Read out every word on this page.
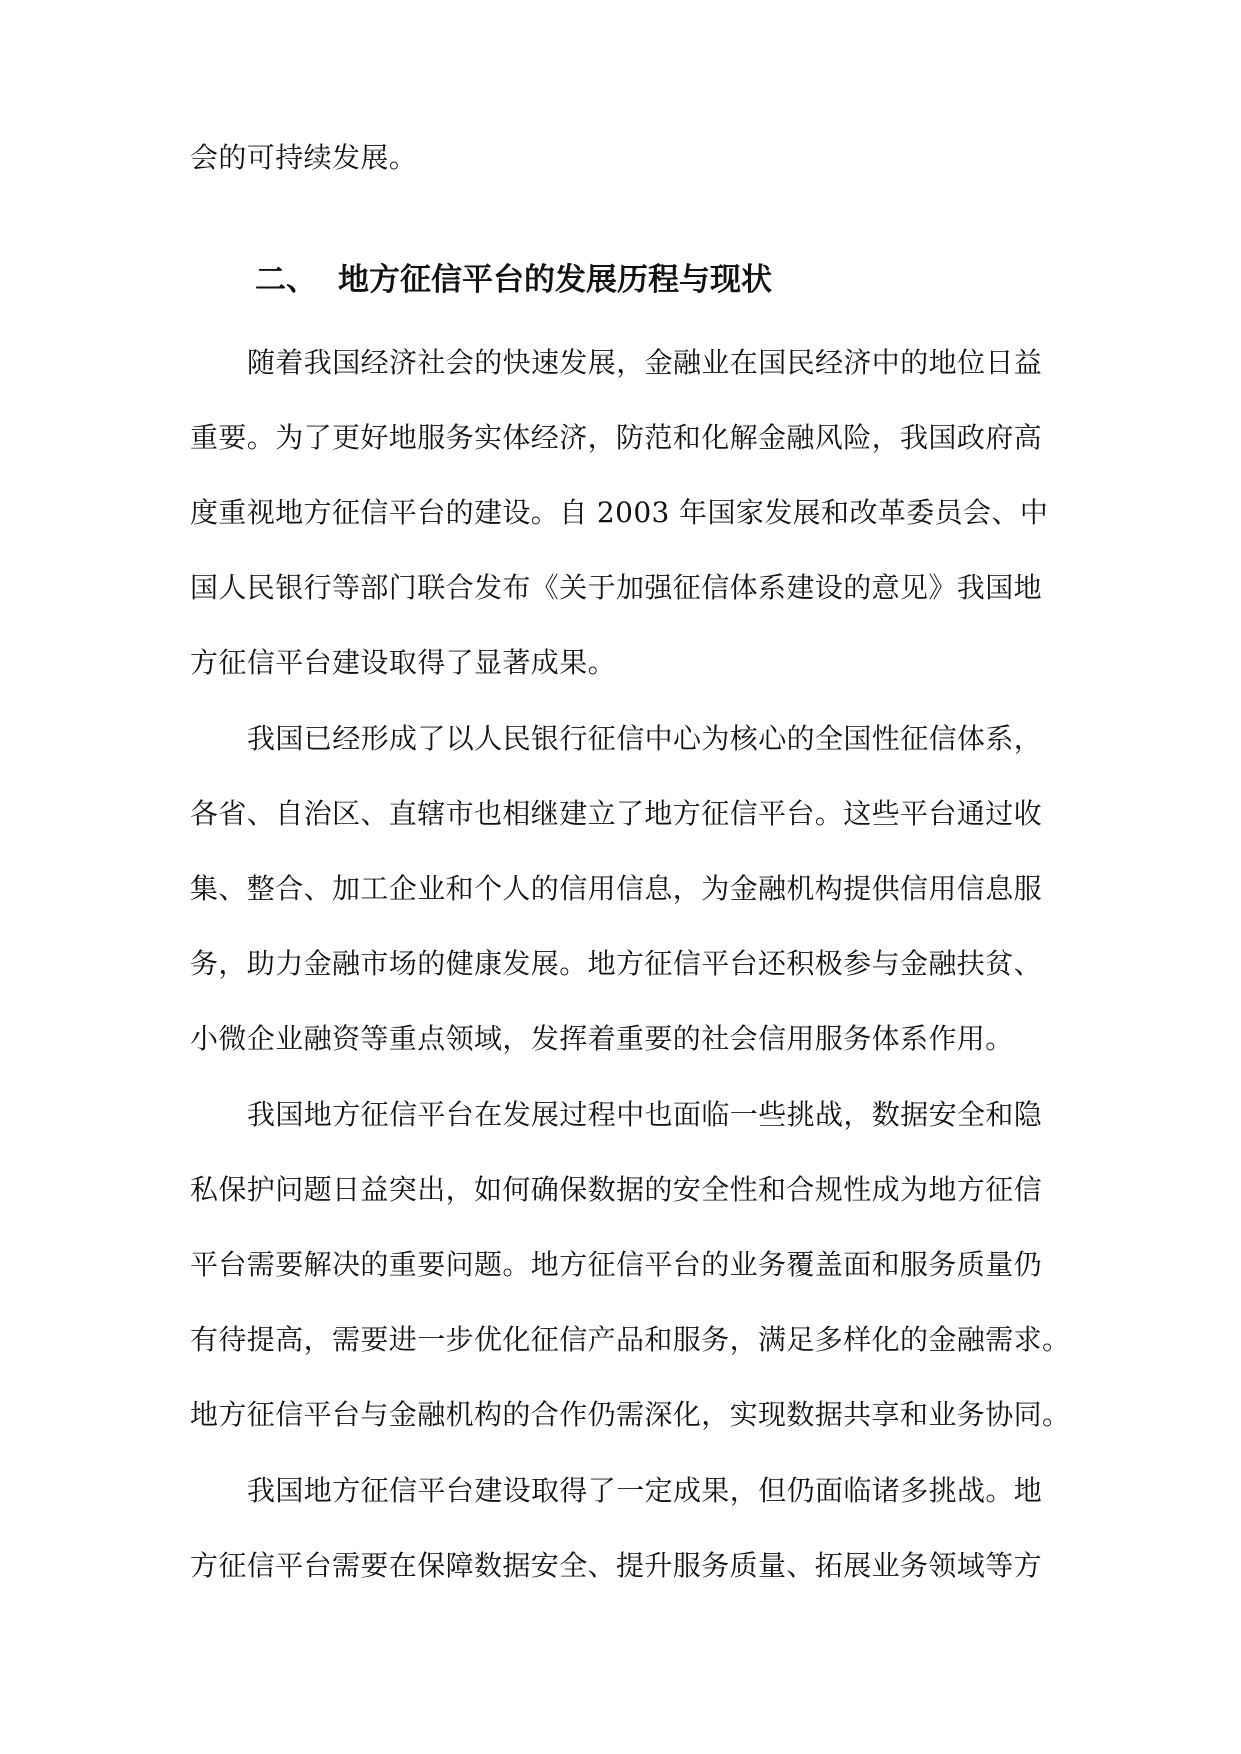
会的可持续发展。
二、 地方征信平台的发展历程与现状
随着我国经济社会的快速发展，金融业在国民经济中的地位日益
重要。为了更好地服务实体经济，防范和化解金融风险，我国政府高
度重视地方征信平台的建设。自 2003 年国家发展和改革委员会、中
国人民银行等部门联合发布《关于加强征信体系建设的意见》我国地
方征信平台建设取得了显著成果。
我国已经形成了以人民银行征信中心为核心的全国性征信体系，
各省、自治区、直辖市也相继建立了地方征信平台。这些平台通过收
集、整合、加工企业和个人的信用信息，为金融机构提供信用信息服
务，助力金融市场的健康发展。地方征信平台还积极参与金融扶贫、
小微企业融资等重点领域，发挥着重要的社会信用服务体系作用。
我国地方征信平台在发展过程中也面临一些挑战，数据安全和隐
私保护问题日益突出，如何确保数据的安全性和合规性成为地方征信
平台需要解决的重要问题。地方征信平台的业务覆盖面和服务质量仍
有待提高，需要进一步优化征信产品和服务，满足多样化的金融需求。
地方征信平台与金融机构的合作仍需深化，实现数据共享和业务协同。
我国地方征信平台建设取得了一定成果，但仍面临诸多挑战。地
方征信平台需要在保障数据安全、提升服务质量、拓展业务领域等方
